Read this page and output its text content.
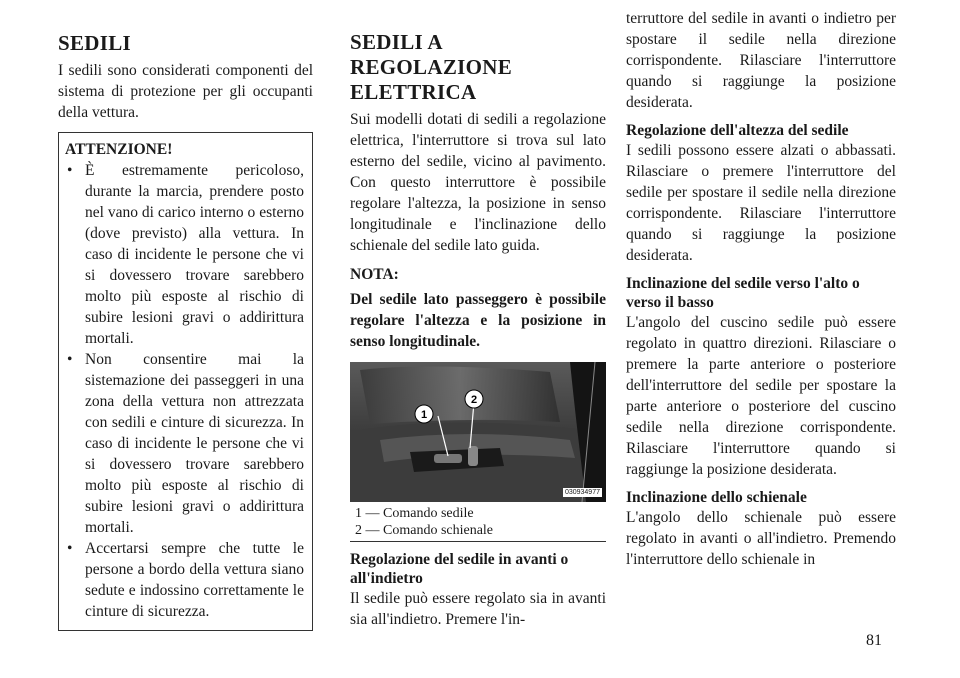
SEDILI

I sedili sono considerati componenti del sistema di protezione per gli occupanti della vettura.

ATTENZIONE!
• È estremamente pericoloso, durante la marcia, prendere posto nel vano di carico interno o esterno (dove previsto) alla vettura. In caso di incidente le persone che vi si dovessero trovare sarebbero molto più esposte al rischio di subire lesioni gravi o addirittura mortali.
• Non consentire mai la sistemazione dei passeggeri in una zona della vettura non attrezzata con sedili e cinture di sicurezza. In caso di incidente le persone che vi si dovessero trovare sarebbero molto più esposte al rischio di subire lesioni gravi o addirittura mortali.
• Accertarsi sempre che tutte le persone a bordo della vettura siano sedute e indossino correttamente le cinture di sicurezza.
SEDILI A REGOLAZIONE ELETTRICA

Sui modelli dotati di sedili a regolazione elettrica, l'interruttore si trova sul lato esterno del sedile, vicino al pavimento. Con questo interruttore è possibile regolare l'altezza, la posizione in senso longitudinale e l'inclinazione dello schienale del sedile lato guida.

NOTA:

Del sedile lato passeggero è possibile regolare l'altezza e la posizione in senso longitudinale.

1
2
030934977
1 — Comando sedile
2 — Comando schienale
Regolazione del sedile in avanti o all'indietro

Il sedile può essere regolato sia in avanti sia all'indietro. Premere l'in-

terruttore del sedile in avanti o indietro per spostare il sedile nella direzione corrispondente. Rilasciare l'interruttore quando si raggiunge la posizione desiderata.

Regolazione dell'altezza del sedile

I sedili possono essere alzati o abbassati. Rilasciare o premere l'interruttore del sedile per spostare il sedile nella direzione corrispondente. Rilasciare l'interruttore quando si raggiunge la posizione desiderata.

Inclinazione del sedile verso l'alto o verso il basso

L'angolo del cuscino sedile può essere regolato in quattro direzioni. Rilasciare o premere la parte anteriore o posteriore dell'interruttore del sedile per spostare la parte anteriore o posteriore del cuscino sedile nella direzione corrispondente. Rilasciare l'interruttore quando si raggiunge la posizione desiderata.

Inclinazione dello schienale

L'angolo dello schienale può essere regolato in avanti o all'indietro. Premendo l'interruttore dello schienale in

81
